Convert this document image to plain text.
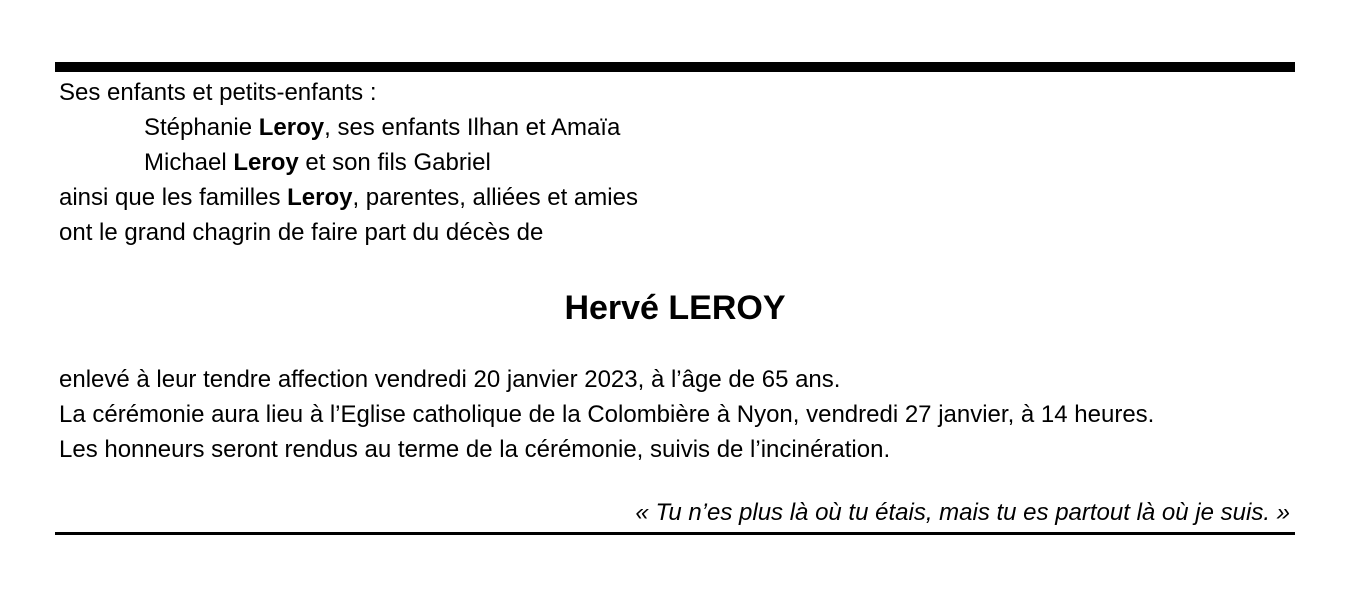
Ses enfants et petits-enfants :
Stéphanie Leroy, ses enfants Ilhan et Amaïa
Michael Leroy et son fils Gabriel
ainsi que les familles Leroy, parentes, alliées et amies
ont le grand chagrin de faire part du décès de
Hervé LEROY
enlevé à leur tendre affection vendredi 20 janvier 2023, à l’âge de 65 ans.
La cérémonie aura lieu à l’Eglise catholique de la Colombière à Nyon, vendredi 27 janvier, à 14 heures.
Les honneurs seront rendus au terme de la cérémonie, suivis de l’incinération.
« Tu n’es plus là où tu étais, mais tu es partout là où je suis. »
